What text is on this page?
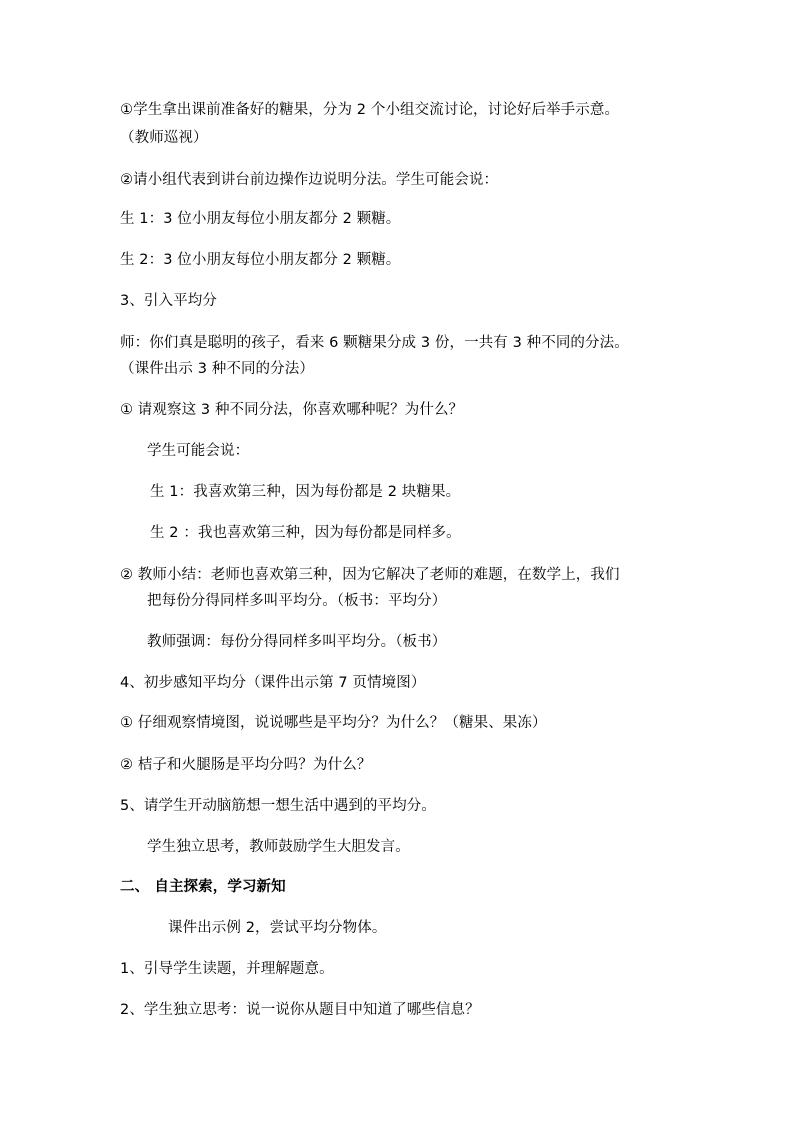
①学生拿出课前准备好的糖果，分为 2 个小组交流讨论，讨论好后举手示意。
（教师巡视）
②请小组代表到讲台前边操作边说明分法。学生可能会说：
生 1：3 位小朋友每位小朋友都分 2 颗糖。
生 2：3 位小朋友每位小朋友都分 2 颗糖。
3、引入平均分
师：你们真是聪明的孩子，看来 6 颗糖果分成 3 份，一共有 3 种不同的分法。
（课件出示 3 种不同的分法）
① 请观察这 3 种不同分法，你喜欢哪种呢？为什么？
学生可能会说：
生 1：我喜欢第三种，因为每份都是 2 块糖果。
生 2 ：我也喜欢第三种，因为每份都是同样多。
② 教师小结：老师也喜欢第三种，因为它解决了老师的难题，在数学上，我们
把每份分得同样多叫平均分。（板书：平均分）
教师强调：每份分得同样多叫平均分。（板书）
4、初步感知平均分（课件出示第 7 页情境图）
① 仔细观察情境图，说说哪些是平均分？为什么？（糖果、果冻）
② 桔子和火腿肠是平均分吗？为什么？
5、请学生开动脑筋想一想生活中遇到的平均分。
学生独立思考，教师鼓励学生大胆发言。
二、 自主探索，学习新知
课件出示例 2，尝试平均分物体。
1、引导学生读题，并理解题意。
2、学生独立思考：说一说你从题目中知道了哪些信息？
